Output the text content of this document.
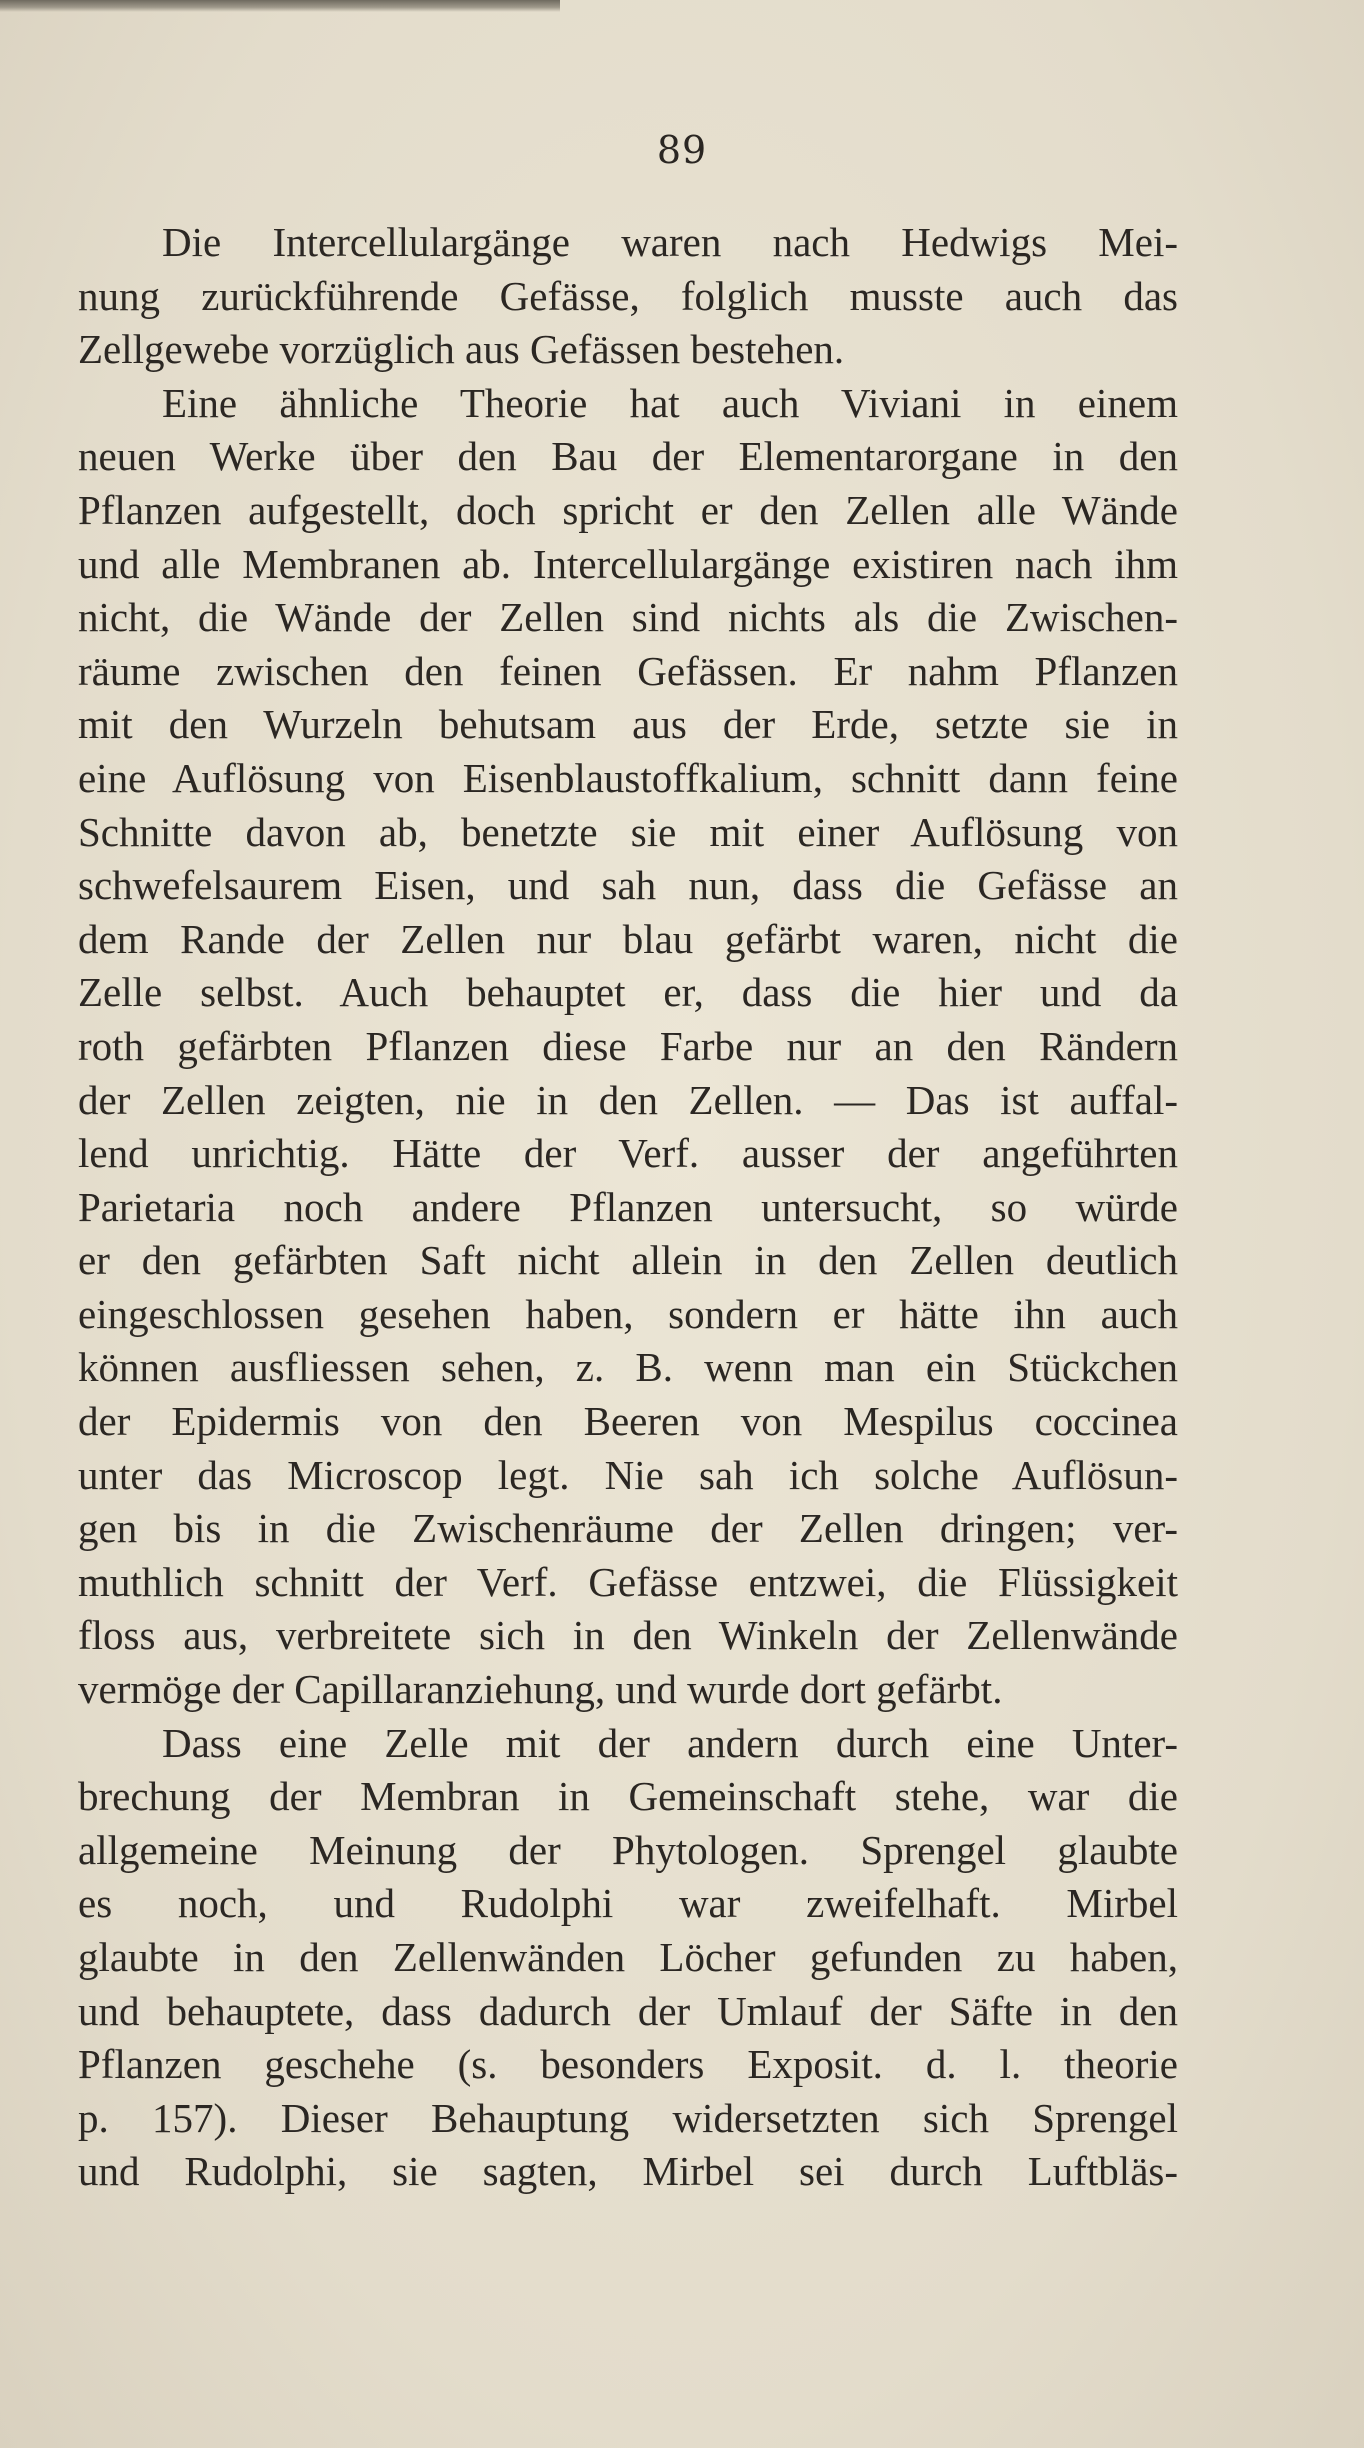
89
Die Intercellulargänge waren nach Hedwigs Mei-
nung zurückführende Gefässe, folglich musste auch das
Zellgewebe vorzüglich aus Gefässen bestehen.
Eine ähnliche Theorie hat auch Viviani in einem
neuen Werke über den Bau der Elementarorgane in den
Pflanzen aufgestellt, doch spricht er den Zellen alle Wände
und alle Membranen ab. Intercellulargänge existiren nach ihm
nicht, die Wände der Zellen sind nichts als die Zwischen-
räume zwischen den feinen Gefässen. Er nahm Pflanzen
mit den Wurzeln behutsam aus der Erde, setzte sie in
eine Auflösung von Eisenblaustoffkalium, schnitt dann feine
Schnitte davon ab, benetzte sie mit einer Auflösung von
schwefelsaurem Eisen, und sah nun, dass die Gefässe an
dem Rande der Zellen nur blau gefärbt waren, nicht die
Zelle selbst. Auch behauptet er, dass die hier und da
roth gefärbten Pflanzen diese Farbe nur an den Rändern
der Zellen zeigten, nie in den Zellen. — Das ist auffal-
lend unrichtig. Hätte der Verf. ausser der angeführten
Parietaria noch andere Pflanzen untersucht, so würde
er den gefärbten Saft nicht allein in den Zellen deutlich
eingeschlossen gesehen haben, sondern er hätte ihn auch
können ausfliessen sehen, z. B. wenn man ein Stückchen
der Epidermis von den Beeren von Mespilus coccinea
unter das Microscop legt. Nie sah ich solche Auflösun-
gen bis in die Zwischenräume der Zellen dringen; ver-
muthlich schnitt der Verf. Gefässe entzwei, die Flüssigkeit
floss aus, verbreitete sich in den Winkeln der Zellenwände
vermöge der Capillaranziehung, und wurde dort gefärbt.
Dass eine Zelle mit der andern durch eine Unter-
brechung der Membran in Gemeinschaft stehe, war die
allgemeine Meinung der Phytologen. Sprengel glaubte
es noch, und Rudolphi war zweifelhaft. Mirbel
glaubte in den Zellenwänden Löcher gefunden zu haben,
und behauptete, dass dadurch der Umlauf der Säfte in den
Pflanzen geschehe (s. besonders Exposit. d. l. theorie
p. 157). Dieser Behauptung widersetzten sich Sprengel
und Rudolphi, sie sagten, Mirbel sei durch Luftbläs-
